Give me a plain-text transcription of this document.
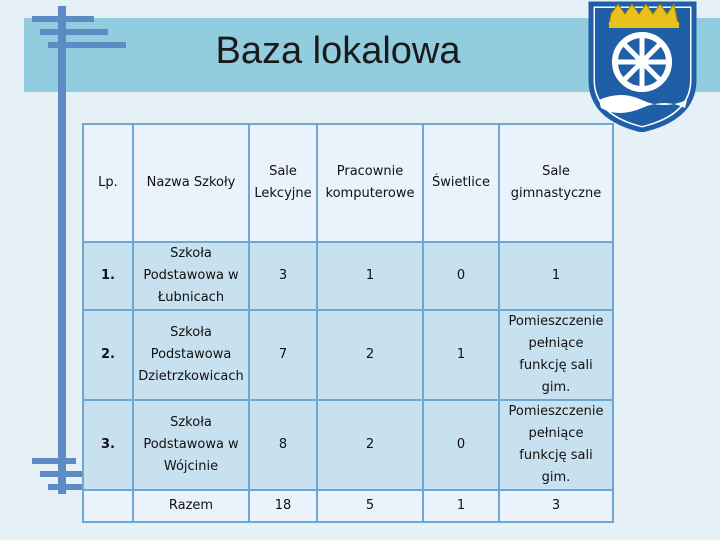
Baza lokalowa
Lp.	Nazwa Szkoły	Sale Lekcyjne	Pracownie komputerowe	Świetlice	Sale gimnastyczne
1.	Szkoła Podstawowa w Łubnicach	3	1	0	1
2.	Szkoła Podstawowa Dzietrzkowicach	7	2	1	Pomieszczenie pełniące funkcję sali gim.
3.	Szkoła Podstawowa w Wójcinie	8	2	0	Pomieszczenie pełniące funkcję sali gim.
	Razem	18	5	1	3
